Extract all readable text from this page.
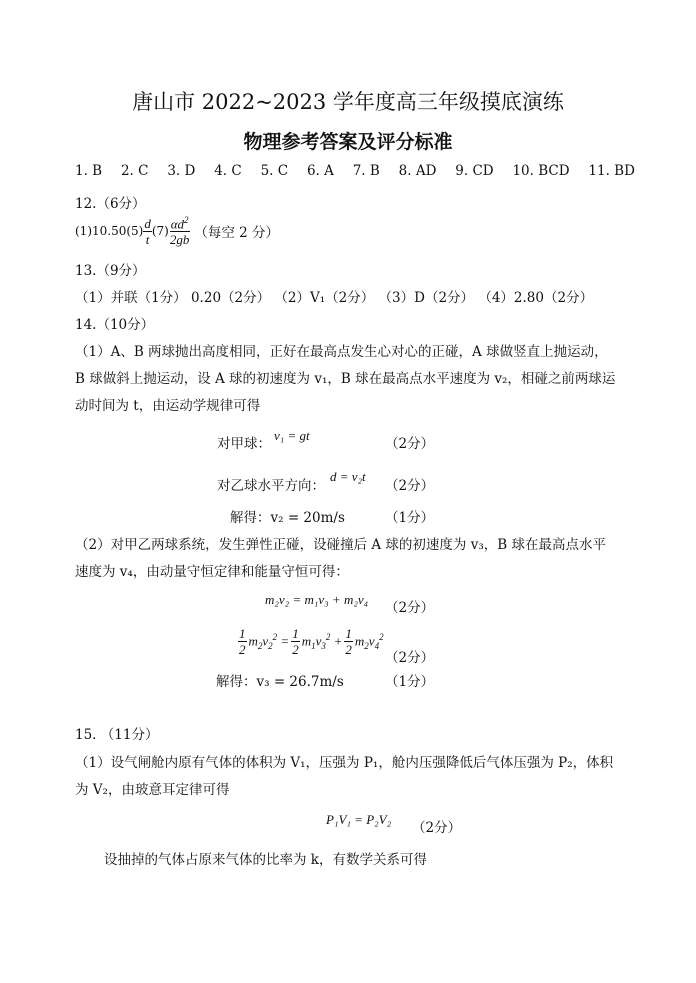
唐山市 2022~2023 学年度高三年级摸底演练
物理参考答案及评分标准
1. B 2. C 3. D 4. C 5. C 6. A 7. B 8. AD 9. CD 10. BCD 11. BD
12.（6分）
(1)10.50 $(5) \frac{d}{t} (7) \frac{\alpha d^2}{2gb}$ （每空 2 分）
13.（9分）
（1）并联（1分） 0.20（2分） （2）V₁（2分） （3）D（2分） （4）2.80（2分）
14.（10分）
（1）A、B 两球抛出高度相同，正好在最高点发生心对心的正碰，A 球做竖直上抛运动，
B 球做斜上抛运动，设 A 球的初速度为 v₁，B 球在最高点水平速度为 v₂，相碰之前两球运
动时间为 t，由运动学规律可得
对甲球：
v₁ = gt
（2分）
对乙球水平方向：
d = v₂t
（2分）
解得：v₂ = 20m/s	（1分）
（2）对甲乙两球系统，发生弹性正碰，设碰撞后 A 球的初速度为 v₃，B 球在最高点水平
速度为 v₄，由动量守恒定律和能量守恒可得：
m₂v₂ = m₁v₃ + m₂v₄
（2分）
$\frac{1}{2} m_2v_2^2 = \frac{1}{2} m_1v_3^2 + \frac{1}{2} m_2v_4^2$
（2分）
解得：v₃ = 26.7m/s	（1分）
15. （11分）
（1）设气闸舱内原有气体的体积为 V₁，压强为 P₁，舱内压强降低后气体压强为 P₂，体积
为 V₂，由玻意耳定律可得
P₁V₁ = P₂V₂
（2分）
设抽掉的气体占原来气体的比率为 k，有数学关系可得
